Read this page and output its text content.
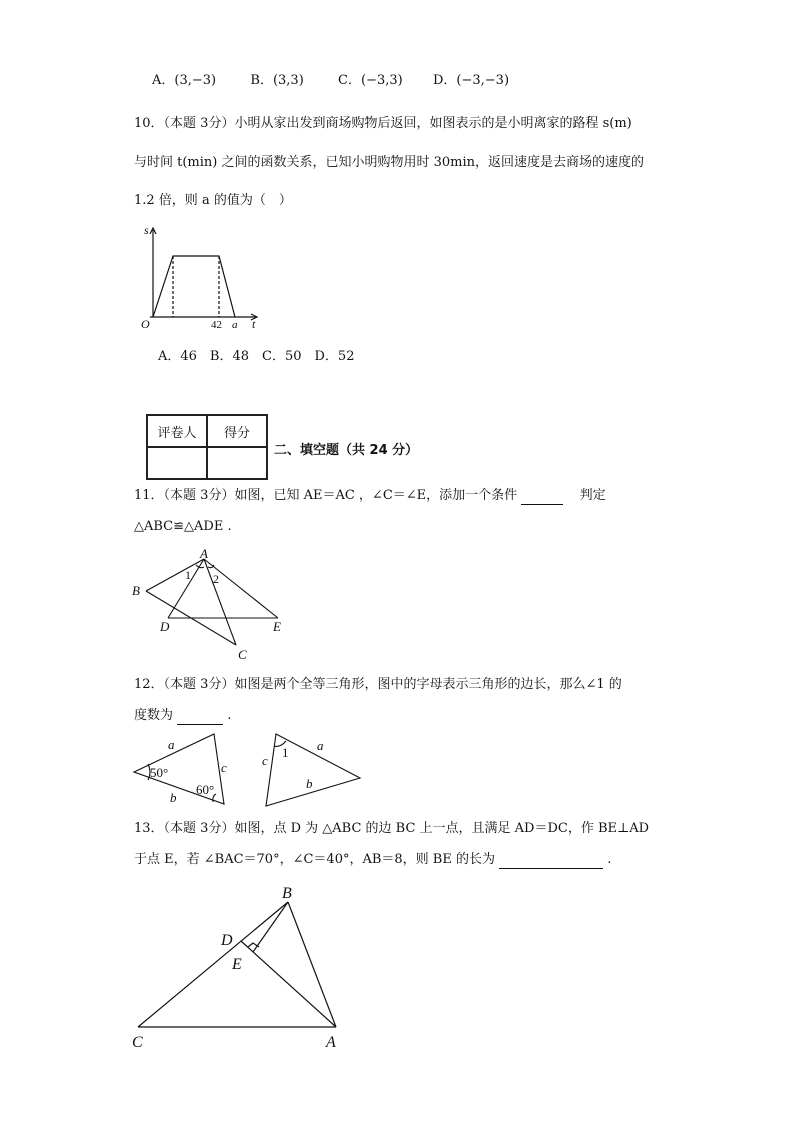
A．(3,−3)	B．(3,3)	C．(−3,3) D．(−3,−3)
10．（本题 3分）小明从家出发到商场购物后返回，如图表示的是小明离家的路程 s(m)
与时间 t(min) 之间的函数关系，已知小明购物用时 30min，返回速度是去商场的速度的
1.2 倍，则 a 的值为（　）
s
O	42 a t
A．46　B．48　C．50　D．52
评卷人	得分

二、填空题（共 24 分）
11．（本题 3分）如图，已知 AE＝AC ，∠C＝∠E，添加一个条件	判定
△ABC≌△ADE .
A
B
C
D	E
1 2
12．（本题 3分）如图是两个全等三角形，图中的字母表示三角形的边长，那么∠1 的
度数为	.
a
c
b
50°
60°
c
a
b
1
13．（本题 3分）如图，点 D 为 △ABC 的边 BC 上一点，且满足 AD＝DC，作 BE⊥AD
于点 E，若 ∠BAC＝70°，∠C＝40°，AB＝8，则 BE 的长为	.
B
D
E
C	A
